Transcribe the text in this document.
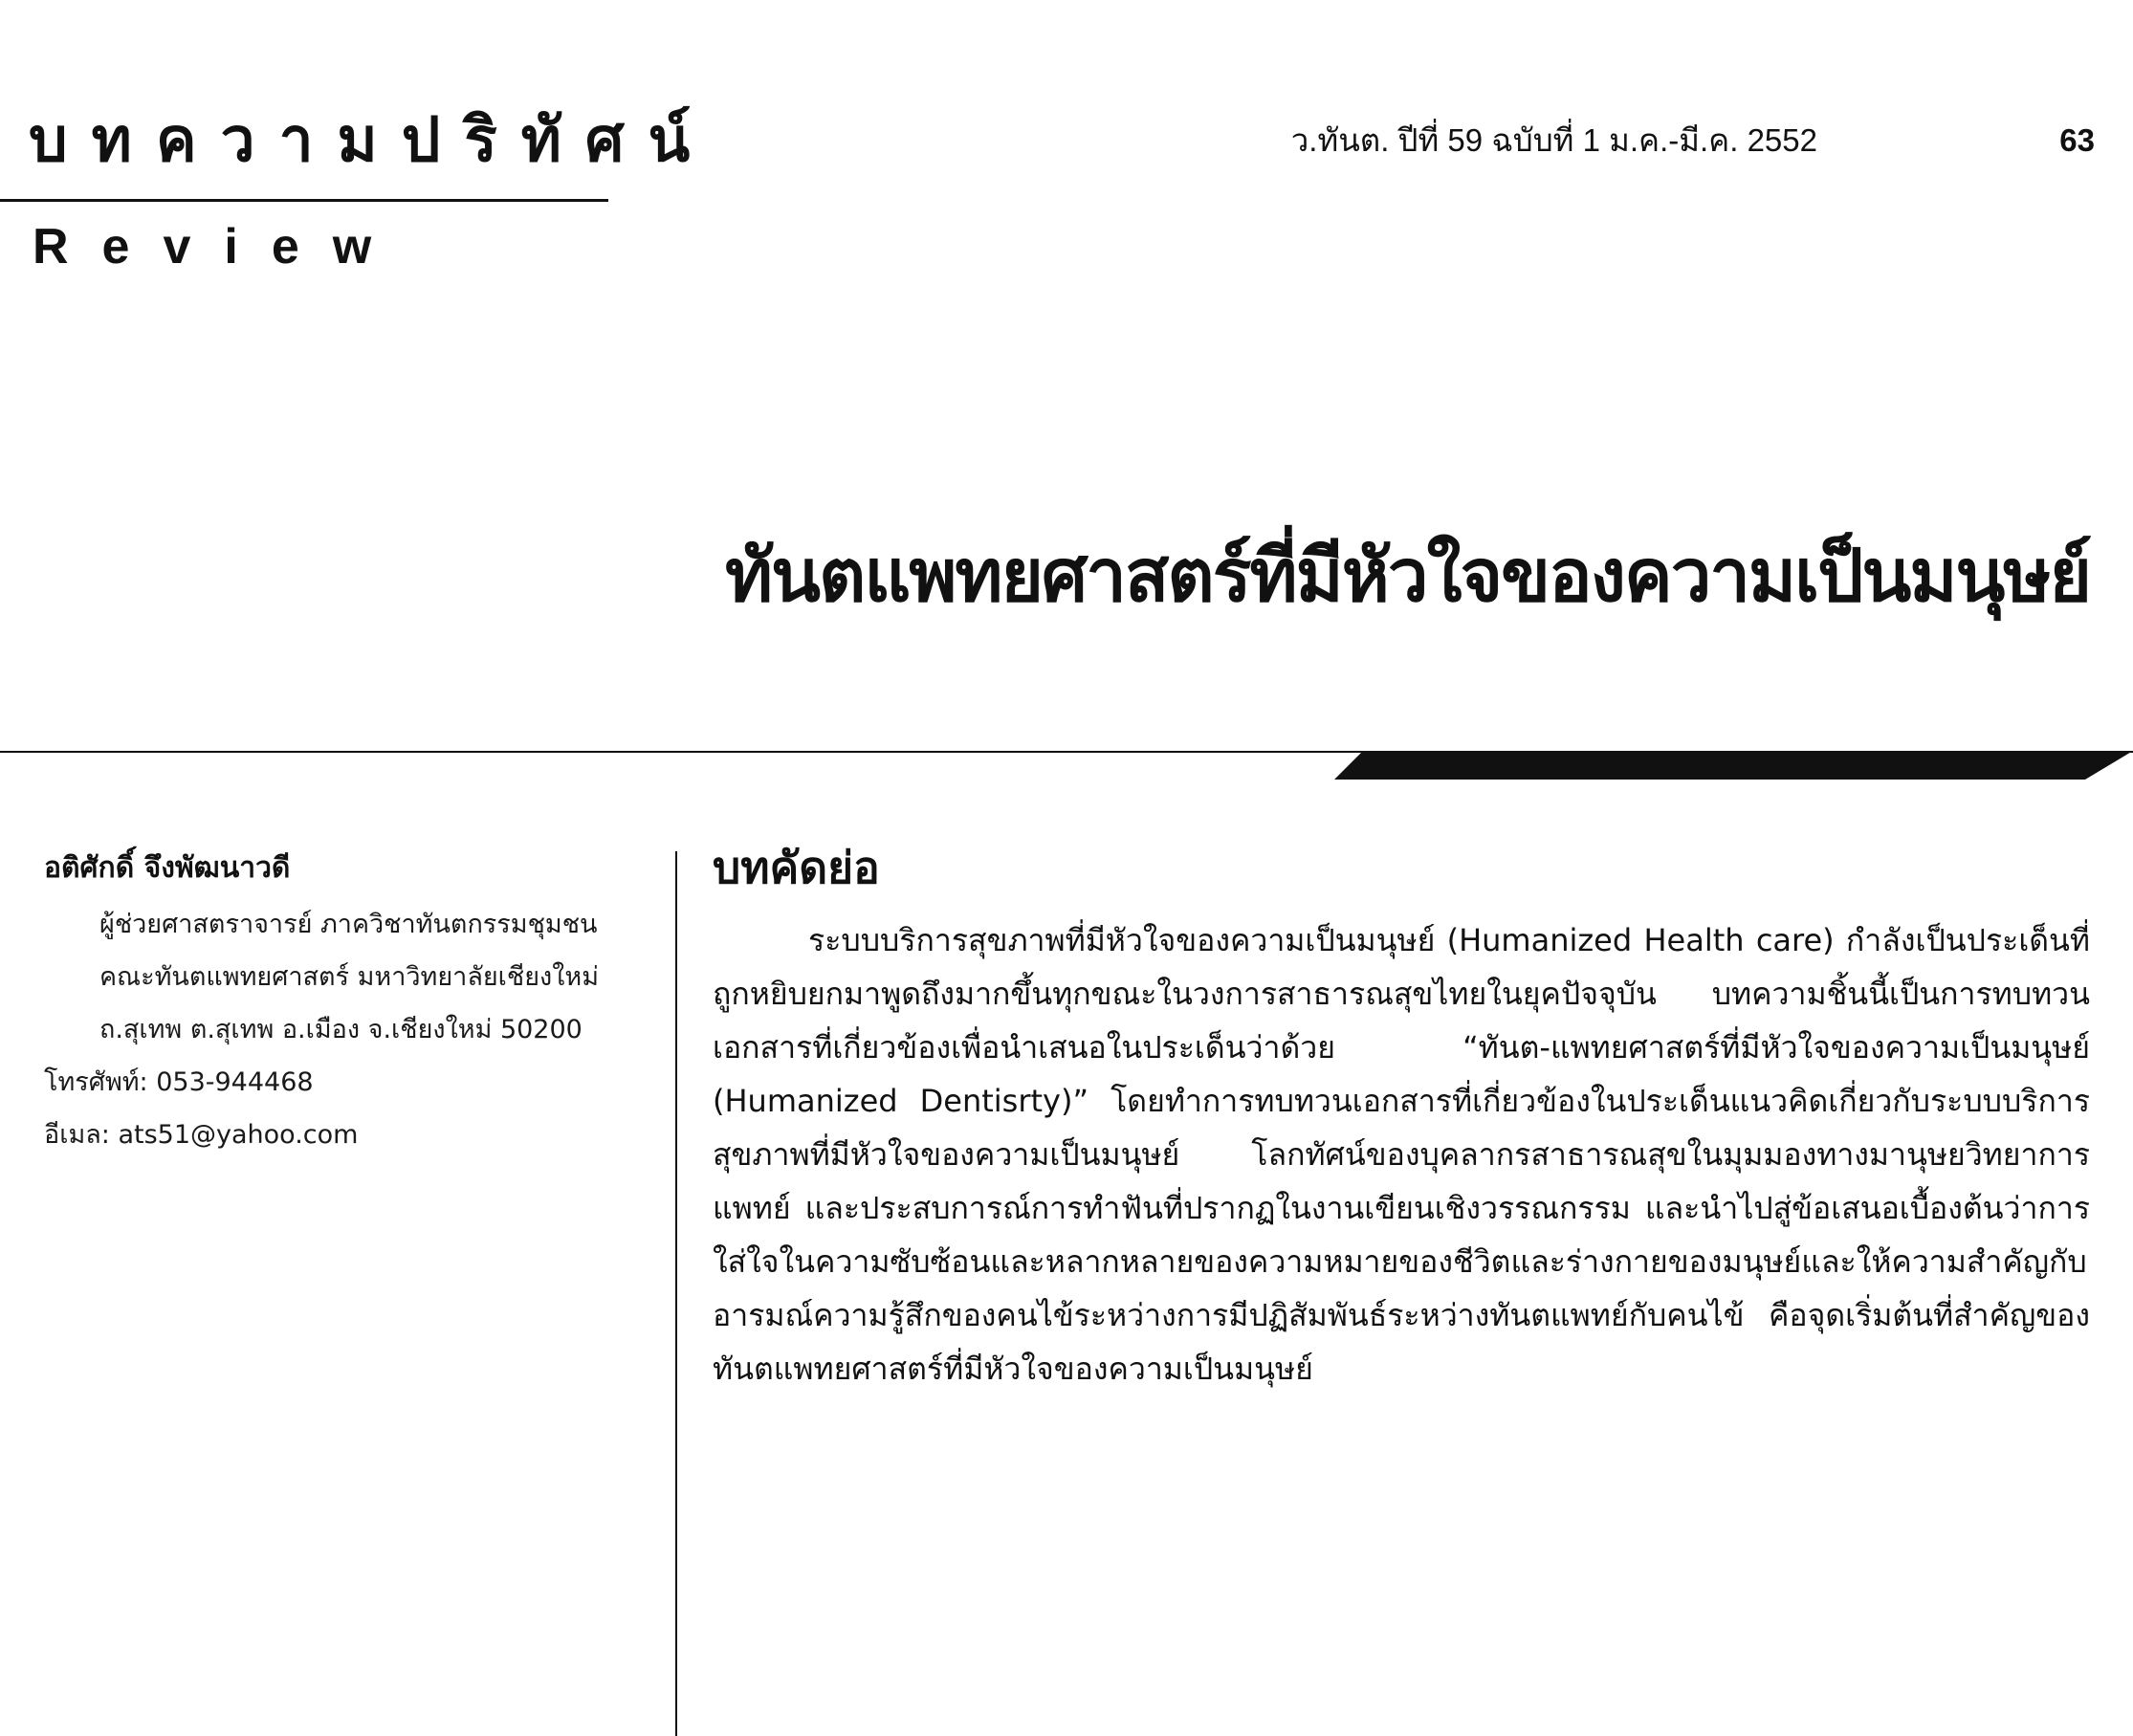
บทความปริทัศน์
Review

ว.ทันต. ปีที่ 59 ฉบับที่ 1 ม.ค.-มี.ค. 2552	63

ทันตแพทยศาสตร์ที่มีหัวใจของความเป็นมนุษย์

อติศักดิ์ จึงพัฒนาวดี

ผู้ช่วยศาสตราจารย์ ภาควิชาทันตกรรมชุมชน

คณะทันตแพทยศาสตร์ มหาวิทยาลัยเชียงใหม่

ถ.สุเทพ ต.สุเทพ อ.เมือง จ.เชียงใหม่ 50200

โทรศัพท์: 053-944468

อีเมล: ats51@yahoo.com

บทคัดย่อ

ระบบบริการสุขภาพที่มีหัวใจของความเป็นมนุษย์ (Humanized Health care) กำลังเป็นประเด็นที่ถูกหยิบยกมาพูดถึงมากขึ้นทุกขณะในวงการสาธารณสุขไทยในยุคปัจจุบัน บทความชิ้นนี้เป็นการทบทวนเอกสารที่เกี่ยวข้องเพื่อนำเสนอในประเด็นว่าด้วย “ทันต-แพทยศาสตร์ที่มีหัวใจของความเป็นมนุษย์ (Humanized Dentisrty)” โดยทำการทบทวนเอกสารที่เกี่ยวข้องในประเด็นแนวคิดเกี่ยวกับระบบบริการสุขภาพที่มีหัวใจของความเป็นมนุษย์ โลกทัศน์ของบุคลากรสาธารณสุขในมุมมองทางมานุษยวิทยาการแพทย์ และประสบการณ์การทำฟันที่ปรากฏในงานเขียนเชิงวรรณกรรม และนำไปสู่ข้อเสนอเบื้องต้นว่าการใส่ใจในความซับซ้อนและหลากหลายของความหมายของชีวิตและร่างกายของมนุษย์และให้ความสำคัญกับอารมณ์ความรู้สึกของคนไข้ระหว่างการมีปฏิสัมพันธ์ระหว่างทันตแพทย์กับคนไข้ คือจุดเริ่มต้นที่สำคัญของทันตแพทยศาสตร์ที่มีหัวใจของความเป็นมนุษย์
